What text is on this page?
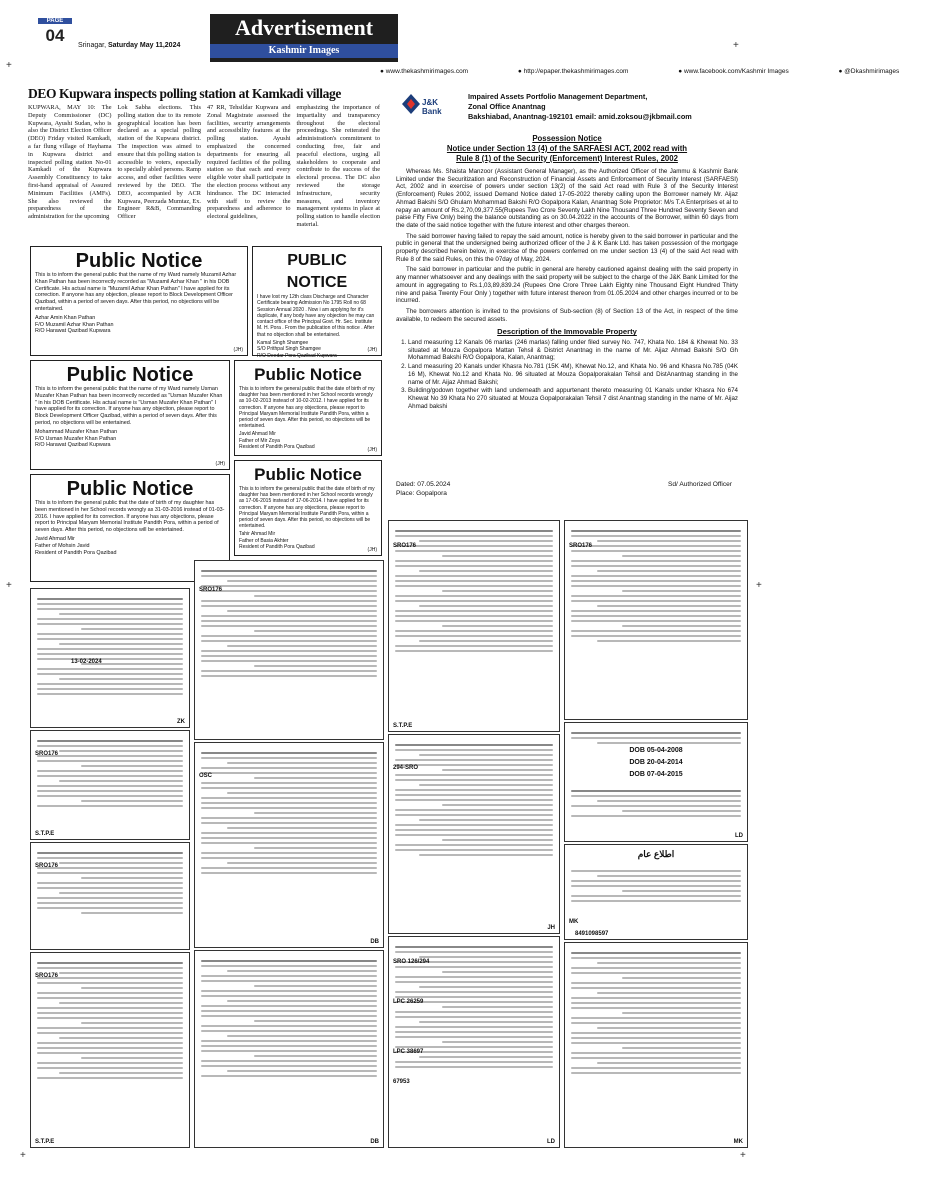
PAGE
04
Srinagar, Saturday May 11,2024
Advertisement
Kashmir Images
● www.thekashmirimages.com	● http://epaper.thekashmirimages.com	● www.facebook.com/Kashmir Images	● @Dkashmirimages
+
+
+	+
+	+
DEO Kupwara inspects polling station at Kamkadi village

KUPWARA, MAY 10: The Deputy Commissioner (DC) Kupwara, Ayushi Sudan, who is also the District Election Officer (DEO) Friday visited Kamkadi, a far flung village of Hayhama in Kupwara district and inspected polling station No-01 Kamkadi of the Kupwara Assembly Constituency to take first-hand appraisal of Assured Minimum Facilities (AMFs). She also reviewed the preparedness of the administration for the upcoming

Lok Sabha elections. This polling station due to its remote geographical location has been declared as a special polling station of the Kupwara district. The inspection was aimed to ensure that this polling station is accessible to voters, especially to specially abled persons. Ramp access, and other facilities were reviewed by the DEO. The DEO, accompanied by ACR Kupwara, Peerzada Mumtaz, Ex. Engineer R&B, Commanding Officer

47 RR, Tehsildar Kupwara and Zonal Magistrate assessed the facilities, security arrangements and accessibility features at the polling station. Ayushi emphasized the concerned departments for ensuring all required facilities of the polling station so that each and every eligible voter shall participate in the election process without any hindrance. The DC interacted with staff to review the preparedness and adherence to electoral guidelines,

emphasizing the importance of impartiality and transparency throughout the electoral proceedings. She reiterated the administration's commitment to conducting free, fair and peaceful elections, urging all stakeholders to cooperate and contribute to the success of the electoral process. The DC also reviewed the storage infrastructure, security measures, and inventory management systems in place at polling station to handle election material.

Public Notice
This is to inform the general public that the name of my Ward namely Muzamil Azhar Khan Pathan has been incorrectly recorded as "Muzamil Azhar Khan " in his DOB Certificate. His actual name is "Muzamil Azhar Khan Pathan" I have applied for its correction. If anyone has any objection, please report to Block Development Officer Qazibad, within a period of seven days. After this period, no objections will be entertained.
Azhar Amin Khan Pathan
F/O Muzamil Azhar Khan Pathan
R/O Harawat Qazibad Kupwara
(JH)
PUBLIC NOTICE
I have lost my 12th class Discharge and Character Certificate bearing Admission No 1795 Roll no 68 Session Annual 2020 . Now i am applying for it's duplicate, if any body have any objection he may can contact office of the Principal Govt. Hr. Sec. Institute M. H. Pora . From the publication of this notice . After that no objection shall be entertained.
Kamal Singh Shamgee
S/O Prithpal Singh Shamgee
R/O Deedar Pora Qazibad Kupwara
(JH)
Public Notice
This is to inform the general public that the name of my Ward namely Usman Muzafer Khan Pathan has been incorrectly recorded as "Usman Muzafer Khan " in his DOB Certificate. His actual name is "Usman Muzafer Khan Pathan" I have applied for its correction. If anyone has any objection, please report to Block Development Officer Qazibad, within a period of seven days. After this period, no objections will be entertained.
Mohammad Muzafer Khan Pathan
F/O Usman Muzafer Khan Pathan
R/O Harawat Qazibad Kupwara
(JH)
Public Notice
This is to inform the general public that the date of birth of my daughter has been mentioned in her School records wrongly as 10-02-2013 instead of 10-02-2012. I have applied for its correction. If anyone has any objections, please report to Principal Maryam Memorial Institute Pandith Pora, within a period of seven days. After this period, no objections will be entertained.
Javid Ahmad Mir
Father of Mir Zoya
Resident of Pandith Pora Qazibad
(JH)
Public Notice
This is to inform the general public that the date of birth of my daughter has been mentioned in her School records wrongly as 31-03-2016 instead of 01-03-2016. I have applied for its correction. If anyone has any objections, please report to Principal Maryam Memorial Institute Pandith Pora, within a period of seven days. After this period, no objections will be entertained.
Javid Ahmad Mir
Father of Mohsin Javid
Resident of Pandith Pora Qazibad
Public Notice
This is to inform the general public that the date of birth of my daughter has been mentioned in her School records wrongly as 17-06-2015 instead of 17-06-2014. I have applied for its correction. If anyone has any objections, please report to Principal Maryam Memorial Institute Pandith Pora, within a period of seven days. After this period, no objections will be entertained.
Tahir Ahmad Mir
Father of Basia Akhter
Resident of Pandith Pora Qazibad
(JH)
J&K Bank
Impaired Assets Portfolio Management Department,
Zonal Office Anantnag
Bakshiabad, Anantnag-192101 email: amid.zoksou@jkbmail.com
Possession Notice
Notice under Section 13 (4) of the SARFAESI ACT, 2002 read with
Rule 8 (1) of the Security (Enforcement) Interest Rules, 2002

Whereas Ms. Shaista Manzoor (Assistant General Manager), as the Authorized Officer of the Jammu & Kashmir Bank Limited under the Securitization and Reconstruction of Financial Assets and Enforcement of Security Interest (SARFAESI) Act, 2002 and in exercise of powers under section 13(2) of the said Act read with Rule 3 of the Security Interest (Enforcement) Rules 2002, issued Demand Notice dated 17-05-2022 thereby calling upon the Borrower namely Mr. Aijaz Ahmad Bakshi S/O Ghulam Mohammad Bakshi R/O Gopalpora Kalan, Anantnag Sole Proprietor: M/s T.A Enterprises et al to repay an amount of Rs.2,70,09,377.55(Rupees Two Crore Seventy Lakh Nine Thousand Three Hundred Seventy Seven and paise Fifty Five Only) being the balance outstanding as on 30.04.2022 in the accounts of the Borrower, within 60 days from the date of the said notice together with the future interest and other charges thereon.

The said borrower having failed to repay the said amount, notice is hereby given to the said borrower in particular and the public in general that the undersigned being authorized officer of the J & K Bank Ltd. has taken possession of the mortgage property described herein below, in exercise of the powers conferred on me under section 13 (4) of the said Act read with Rule 8 of the said Rules, on this the 07day of May, 2024.

The said borrower in particular and the public in general are hereby cautioned against dealing with the said property in any manner whatsoever and any dealings with the said property will be subject to the charge of the J&K Bank Limited for the amount in aggregating to Rs.1,03,89,839.24 (Rupees One Crore Three Lakh Eighty nine Thousand Eight Hundred Thirty nine and paisa Twenty Four Only ) together with future interest thereon from 01.05.2024 and other charges incurred or to be incurred.

The borrowers attention is invited to the provisions of Sub-section (8) of Section 13 of the Act, in respect of the time available, to redeem the secured assets.

Description of the Immovable Property
1. Land measuring 12 Kanals 06 marlas (246 marlas) falling under filed survey No. 747, Khata No. 184 & Khewat No. 33 situated at Mouza Gopalpora Mattan Tehsil & District Anantnag in the name of Mr. Aijaz Ahmad Bakshi S/O Gh Mohammad Bakshi R/O Gopalpora, Kalan, Anantnag;
2. Land measuring 20 Kanals under Khasra No.781 (15K 4M), Khewat No.12, and Khata No. 96 and Khasra No.785 (04K 16 M), Khewat No.12 and Khata No. 96 situated at Mouza Gopalporakalan Tehsil and DistAnantnag standing in the name of Mr. Aijaz Ahmad Bakshi;
3. Building/godown together with land underneath and appurtenant thereto measuring 01 Kanals under Khasra No 674 Khewat No 39 Khata No 270 situated at Mouza Gopalporakalan Tehsil 7 dist Anantnag standing in the name of Mr. Aijaz Ahmad bakshi
Dated: 07.05.2024
Place: Gopalpora
Sd/ Authorized Officer
13-02-2024
ZK
SRO176
S.T.P.E
SRO176
SRO176
S.T.P.E
SRO176
OSC
DB
DB
SRO176
S.T.P.E
294-SRO
JH
SRO 126/294
LPC 26259
LPC 38697
67953
LD
SRO176
DOB 05-04-2008
DOB 20-04-2014
DOB 07-04-2015
LD
اطلاع عام
MK
8491098597
MK
